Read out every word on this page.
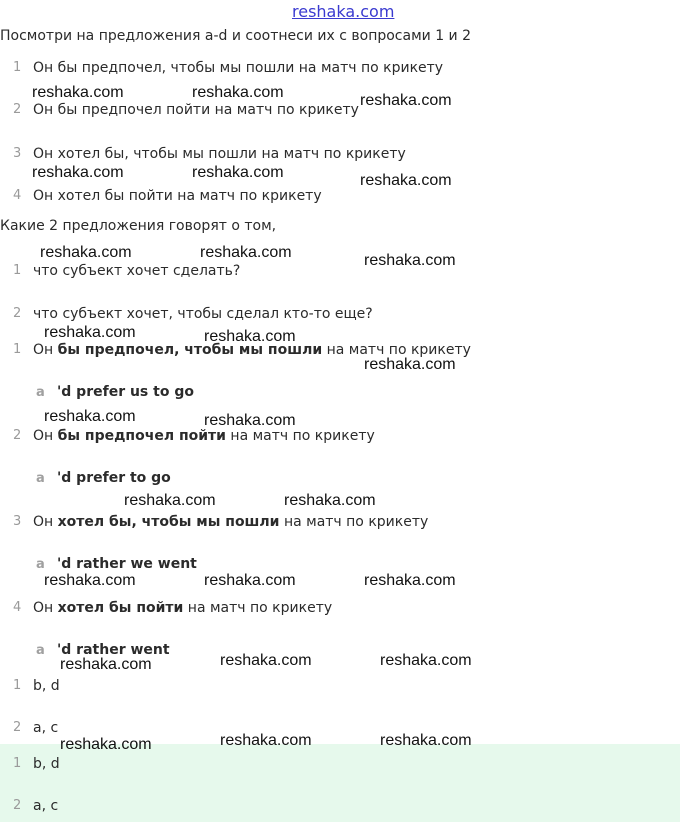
reshaka.com
Посмотри на предложения a-d и соотнеси их с вопросами 1 и 2
1 Он бы предпочел, чтобы мы пошли на матч по крикету
2 Он бы предпочел пойти на матч по крикету
3 Он хотел бы, чтобы мы пошли на матч по крикету
4 Он хотел бы пойти на матч по крикету
Какие 2 предложения говорят о том,
1 что субъект хочет сделать?
2 что субъект хочет, чтобы сделал кто-то еще?
1 Он бы предпочел, чтобы мы пошли на матч по крикету
a 'd prefer us to go
2 Он бы предпочел пойти на матч по крикету
a 'd prefer to go
3 Он хотел бы, чтобы мы пошли на матч по крикету
a 'd rather we went
4 Он хотел бы пойти на матч по крикету
a 'd rather went
1 b, d
2 a, c
1 b, d
2 a, c
reshaka.com	reshaka.com	reshaka.com
reshaka.com	reshaka.com	reshaka.com
reshaka.com	reshaka.com	reshaka.com
reshaka.com	reshaka.com
reshaka.com
reshaka.com	reshaka.com
reshaka.com	reshaka.com
reshaka.com	reshaka.com	reshaka.com
reshaka.com	reshaka.com	reshaka.com
reshaka.com	reshaka.com	reshaka.com
